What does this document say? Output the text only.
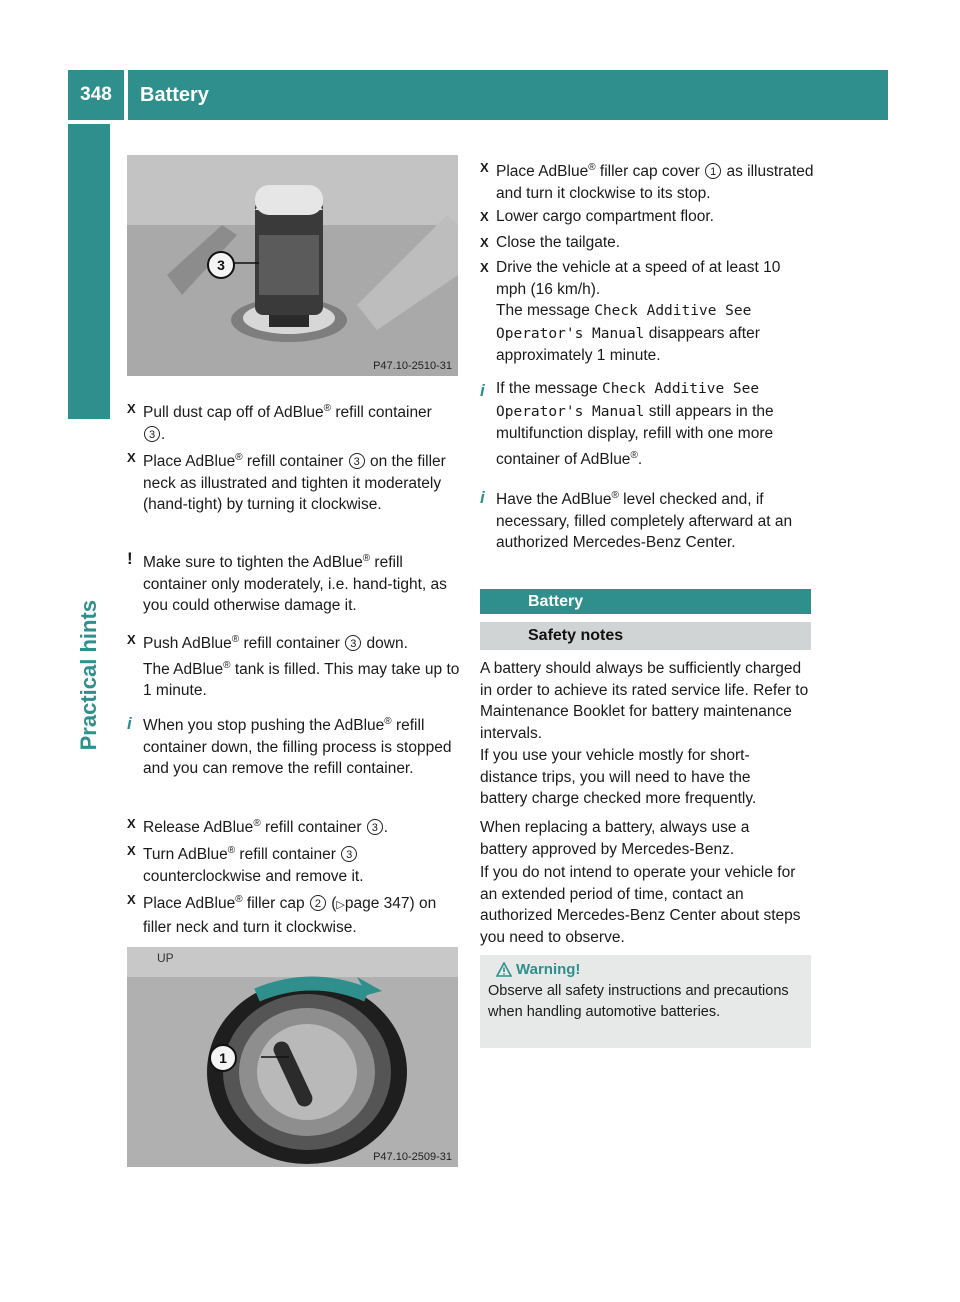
348	Battery
Practical hints
3
P47.10-2510-31
X Pull dust cap off of AdBlue® refill container
3 .
X Place AdBlue® refill container 3 on the filler neck as illustrated and tighten it moderately (hand-tight) by turning it clockwise.
! Make sure to tighten the AdBlue® refill container only moderately, i.e. hand-tight, as you could otherwise damage it.
X Push AdBlue® refill container 3 down.
The AdBlue® tank is filled. This may take up to 1 minute.
i When you stop pushing the AdBlue® refill container down, the filling process is stopped and you can remove the refill container.
X Release AdBlue® refill container 3 .
X Turn AdBlue® refill container 3
counterclockwise and remove it.
X Place AdBlue® filler cap 2 (▷page 347) on filler neck and turn it clockwise.
UP
1
P47.10-2509-31
X Place AdBlue® filler cap cover 1 as illustrated and turn it clockwise to its stop.
X Lower cargo compartment floor.
X Close the tailgate.
X Drive the vehicle at a speed of at least 10 mph (16 km/h).
The message Check Additive See
Operator's Manual disappears after approximately 1 minute.
i If the message Check Additive See
Operator's Manual still appears in the multifunction display, refill with one more container of AdBlue®.
i Have the AdBlue® level checked and, if necessary, filled completely afterward at an authorized Mercedes-Benz Center.
Battery
Safety notes
A battery should always be sufficiently charged in order to achieve its rated service life. Refer to Maintenance Booklet for battery maintenance intervals.
If you use your vehicle mostly for short-distance trips, you will need to have the battery charge checked more frequently.
When replacing a battery, always use a battery approved by Mercedes-Benz.
If you do not intend to operate your vehicle for an extended period of time, contact an authorized Mercedes-Benz Center about steps you need to observe.
Warning!
Observe all safety instructions and precautions when handling automotive batteries.
